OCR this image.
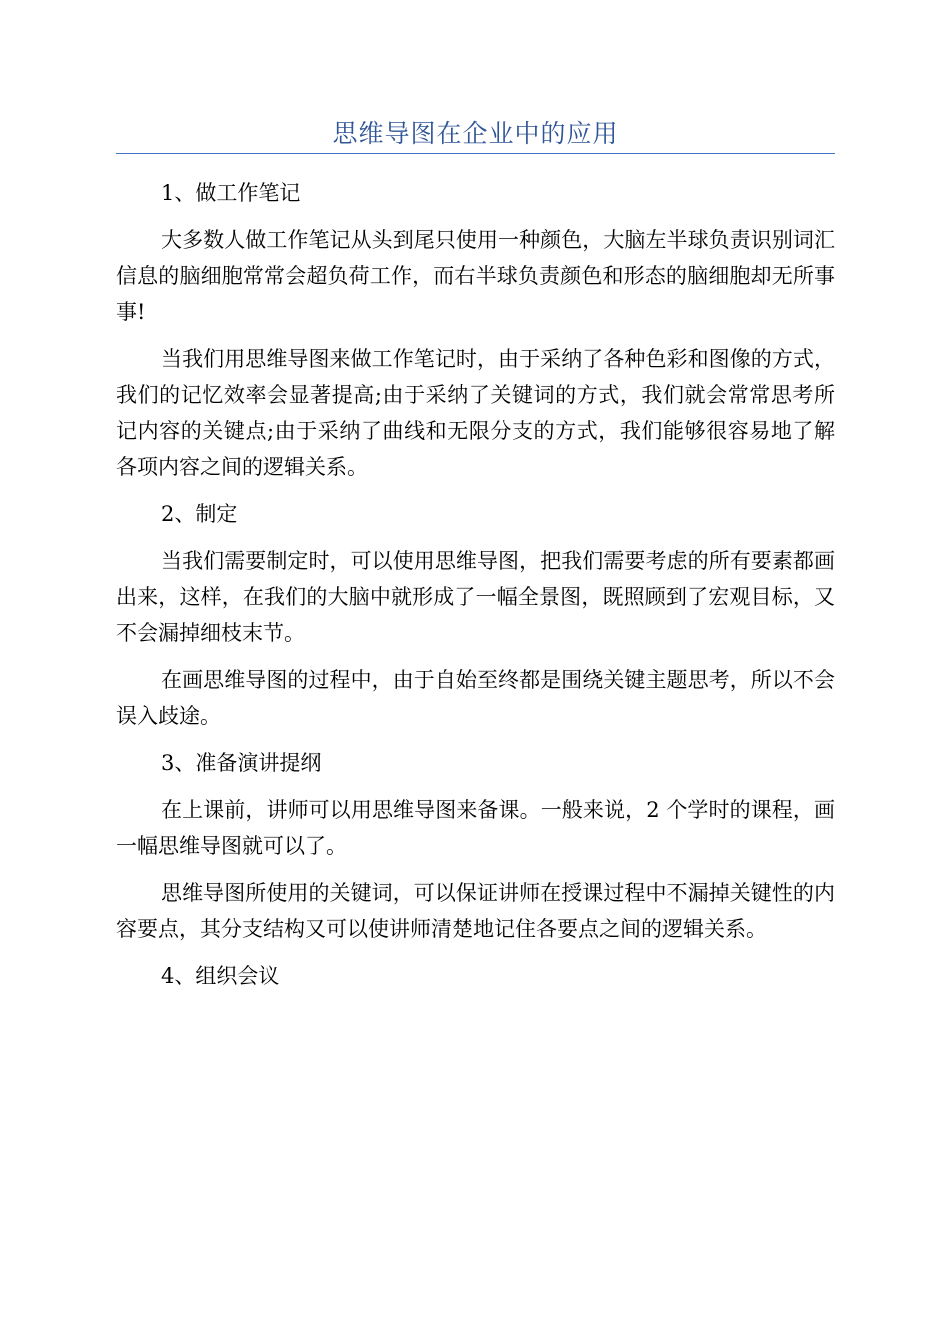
思维导图在企业中的应用
1、做工作笔记

大多数人做工作笔记从头到尾只使用一种颜色，大脑左半球负责识别词汇信息的脑细胞常常会超负荷工作，而右半球负责颜色和形态的脑细胞却无所事事!

当我们用思维导图来做工作笔记时，由于采纳了各种色彩和图像的方式，我们的记忆效率会显著提高;由于采纳了关键词的方式，我们就会常常思考所记内容的关键点;由于采纳了曲线和无限分支的方式，我们能够很容易地了解各项内容之间的逻辑关系。

2、制定

当我们需要制定时，可以使用思维导图，把我们需要考虑的所有要素都画出来，这样，在我们的大脑中就形成了一幅全景图，既照顾到了宏观目标，又不会漏掉细枝末节。

在画思维导图的过程中，由于自始至终都是围绕关键主题思考，所以不会误入歧途。

3、准备演讲提纲

在上课前，讲师可以用思维导图来备课。一般来说，2 个学时的课程，画一幅思维导图就可以了。

思维导图所使用的关键词，可以保证讲师在授课过程中不漏掉关键性的内容要点，其分支结构又可以使讲师清楚地记住各要点之间的逻辑关系。

4、组织会议
